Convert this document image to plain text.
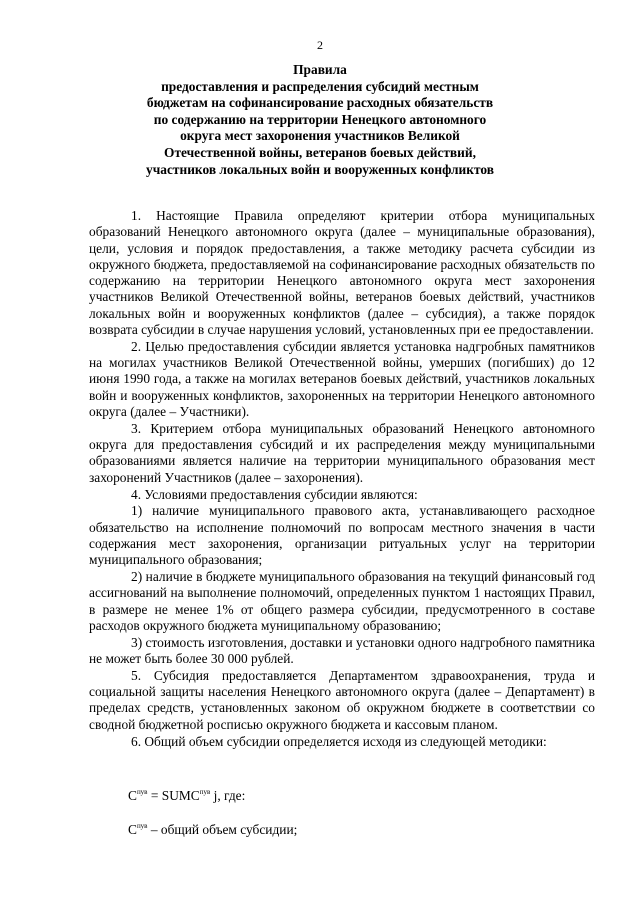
2
Правила
предоставления и распределения субсидий местным
бюджетам на софинансирование расходных обязательств
по содержанию на территории Ненецкого автономного
округа мест захоронения участников Великой
Отечественной войны, ветеранов боевых действий,
участников локальных войн и вооруженных конфликтов

1. Настоящие Правила определяют критерии отбора муниципальных образований Ненецкого автономного округа (далее – муниципальные образования), цели, условия и порядок предоставления, а также методику расчета субсидии из окружного бюджета, предоставляемой на софинансирование расходных обязательств по содержанию на территории Ненецкого автономного округа мест захоронения участников Великой Отечественной войны, ветеранов боевых действий, участников локальных войн и вооруженных конфликтов (далее – субсидия), а также порядок возврата субсидии в случае нарушения условий, установленных при ее предоставлении.

2. Целью предоставления субсидии является установка надгробных памятников на могилах участников Великой Отечественной войны, умерших (погибших) до 12 июня 1990 года, а также на могилах ветеранов боевых действий, участников локальных войн и вооруженных конфликтов, захороненных на территории Ненецкого автономного округа (далее – Участники).

3. Критерием отбора муниципальных образований Ненецкого автономного округа для предоставления субсидий и их распределения между муниципальными образованиями является наличие на территории муниципального образования мест захоронений Участников (далее – захоронения).

4. Условиями предоставления субсидии являются:

1) наличие муниципального правового акта, устанавливающего расходное обязательство на исполнение полномочий по вопросам местного значения в части содержания мест захоронения, организации ритуальных услуг на территории муниципального образования;

2) наличие в бюджете муниципального образования на текущий финансовый год ассигнований на выполнение полномочий, определенных пунктом 1 настоящих Правил, в размере не менее 1% от общего размера субсидии, предусмотренного в составе расходов окружного бюджета муниципальному образованию;

3) стоимость изготовления, доставки и установки одного надгробного памятника не может быть более 30 000 рублей.

5. Субсидия предоставляется Департаментом здравоохранения, труда и социальной защиты населения Ненецкого автономного округа (далее – Департамент) в пределах средств, установленных законом об окружном бюджете в соответствии со сводной бюджетной росписью окружного бюджета и кассовым планом.

6. Общий объем субсидии определяется исходя из следующей методики:

$С^{пув}$ = $SUMC^{пув}$ j, где:
$С^{пув}$ – общий объем субсидии;
